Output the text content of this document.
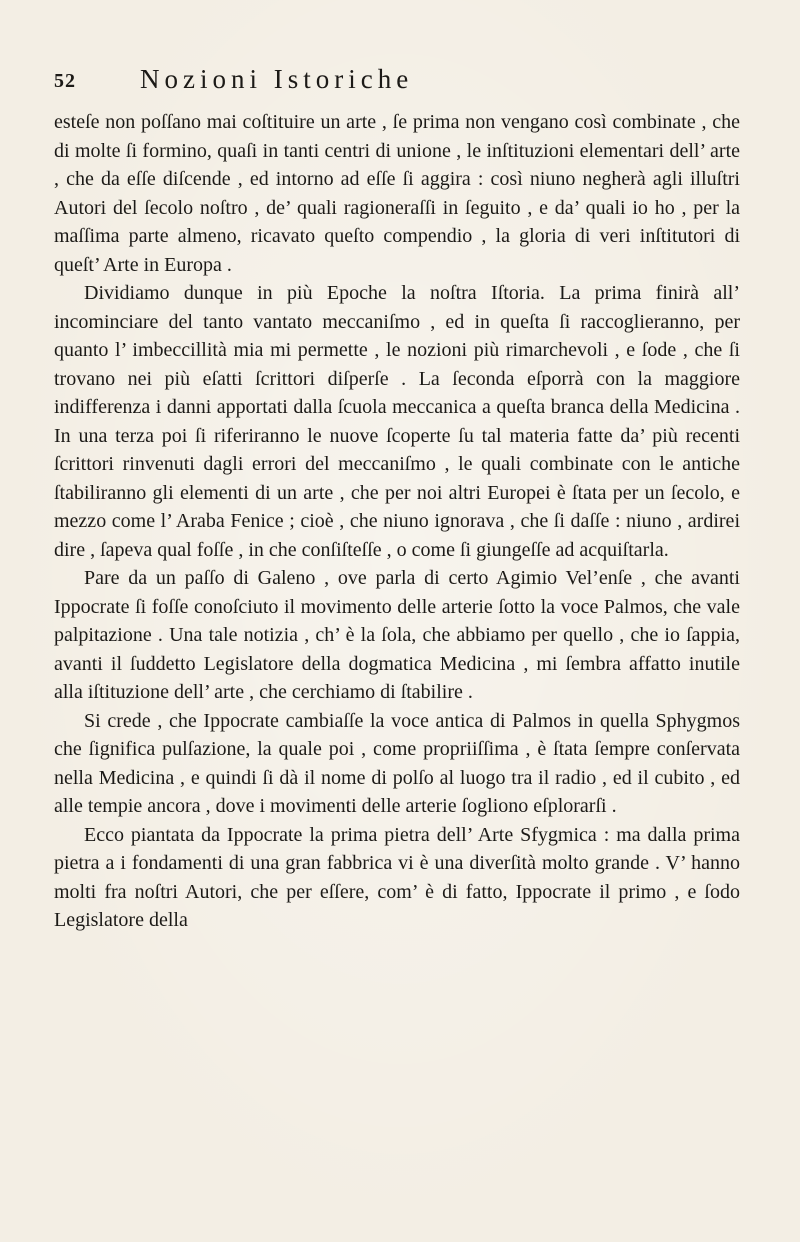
52 Nozioni Istoriche

esteſe non poſſano mai coſtituire un arte , ſe prima non vengano così combinate , che di molte ſi formino, quaſi in tanti centri di unione , le inſtituzioni elementari dell’ arte , che da eſſe diſcende , ed intorno ad eſſe ſi aggira : così niuno negherà agli illuſtri Autori del ſecolo noſtro , de’ quali ragioneraſſi in ſeguito , e da’ quali io ho , per la maſſima parte almeno, ricavato queſto compendio , la gloria di veri inſtitutori di queſt’ Arte in Europa .

Dividiamo dunque in più Epoche la noſtra Iſtoria. La prima finirà all’ incominciare del tanto vantato meccaniſmo , ed in queſta ſi raccoglieranno, per quanto l’ imbeccillità mia mi permette , le nozioni più rimarchevoli , e ſode , che ſi trovano nei più eſatti ſcrittori diſperſe . La ſeconda eſporrà con la maggiore indifferenza i danni apportati dalla ſcuola meccanica a queſta branca della Medicina . In una terza poi ſi riferiranno le nuove ſcoperte ſu tal materia fatte da’ più recenti ſcrittori rinvenuti dagli errori del meccaniſmo , le quali combinate con le antiche ſtabiliranno gli elementi di un arte , che per noi altri Europei è ſtata per un ſecolo, e mezzo come l’ Araba Fenice ; cioè , che niuno ignorava , che ſi daſſe : niuno , ardirei dire , ſapeva qual foſſe , in che conſiſteſſe , o come ſi giungeſſe ad acquiſtarla.

Pare da un paſſo di Galeno , ove parla di certo Agimio Vel’enſe , che avanti Ippocrate ſi foſſe conoſciuto il movimento delle arterie ſotto la voce Palmos, che vale palpitazione . Una tale notizia , ch’ è la ſola, che abbiamo per quello , che io ſappia, avanti il ſuddetto Legislatore della dogmatica Medicina , mi ſembra affatto inutile alla iſtituzione dell’ arte , che cerchiamo di ſtabilire .

Si crede , che Ippocrate cambiaſſe la voce antica di Palmos in quella Sphygmos che ſignifica pulſazione, la quale poi , come propriiſſima , è ſtata ſempre conſervata nella Medicina , e quindi ſi dà il nome di polſo al luogo tra il radio , ed il cubito , ed alle tempie ancora , dove i movimenti delle arterie ſogliono eſplorarſi .

Ecco piantata da Ippocrate la prima pietra dell’ Arte Sfygmica : ma dalla prima pietra a i fondamenti di una gran fabbrica vi è una diverſità molto grande . V’ hanno molti fra noſtri Autori, che per eſſere, com’ è di fatto, Ippocrate il primo , e ſodo Legislatore della
